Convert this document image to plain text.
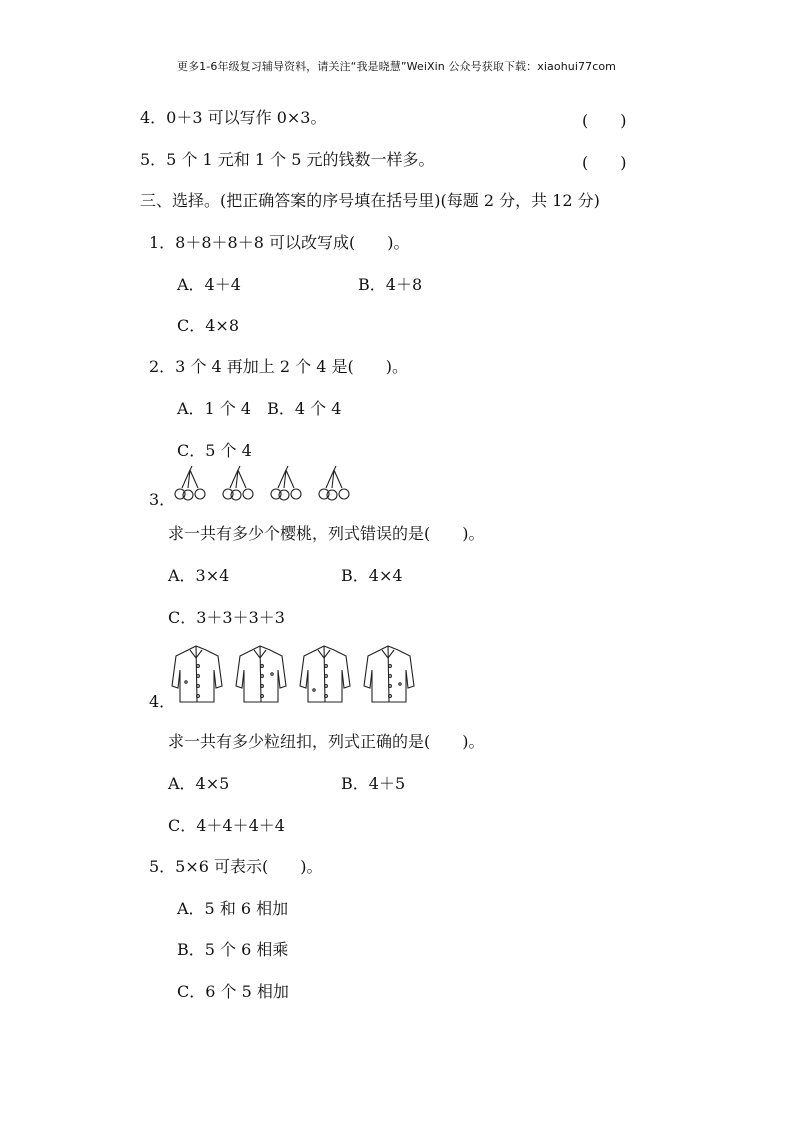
更多1-6年级复习辅导资料，请关注“我是晓慧”WeiXin 公众号获取下载：xiaohui77com
4．0＋3 可以写作 0×3。	(　　)
5．5 个 1 元和 1 个 5 元的钱数一样多。	(　　)
三、选择。(把正确答案的序号填在括号里)(每题 2 分，共 12 分)
1．8＋8＋8＋8 可以改写成(　　)。
A．4＋4	B．4＋8
C．4×8
2．3 个 4 再加上 2 个 4 是(　　)。
A．1 个 4　B．4 个 4
C．5 个 4
3．
求一共有多少个樱桃，列式错误的是(　　)。
A．3×4	B．4×4
C．3＋3＋3＋3
4．
求一共有多少粒纽扣，列式正确的是(　　)。
A．4×5	B．4＋5
C．4＋4＋4＋4
5．5×6 可表示(　　)。
A．5 和 6 相加
B．5 个 6 相乘
C．6 个 5 相加
